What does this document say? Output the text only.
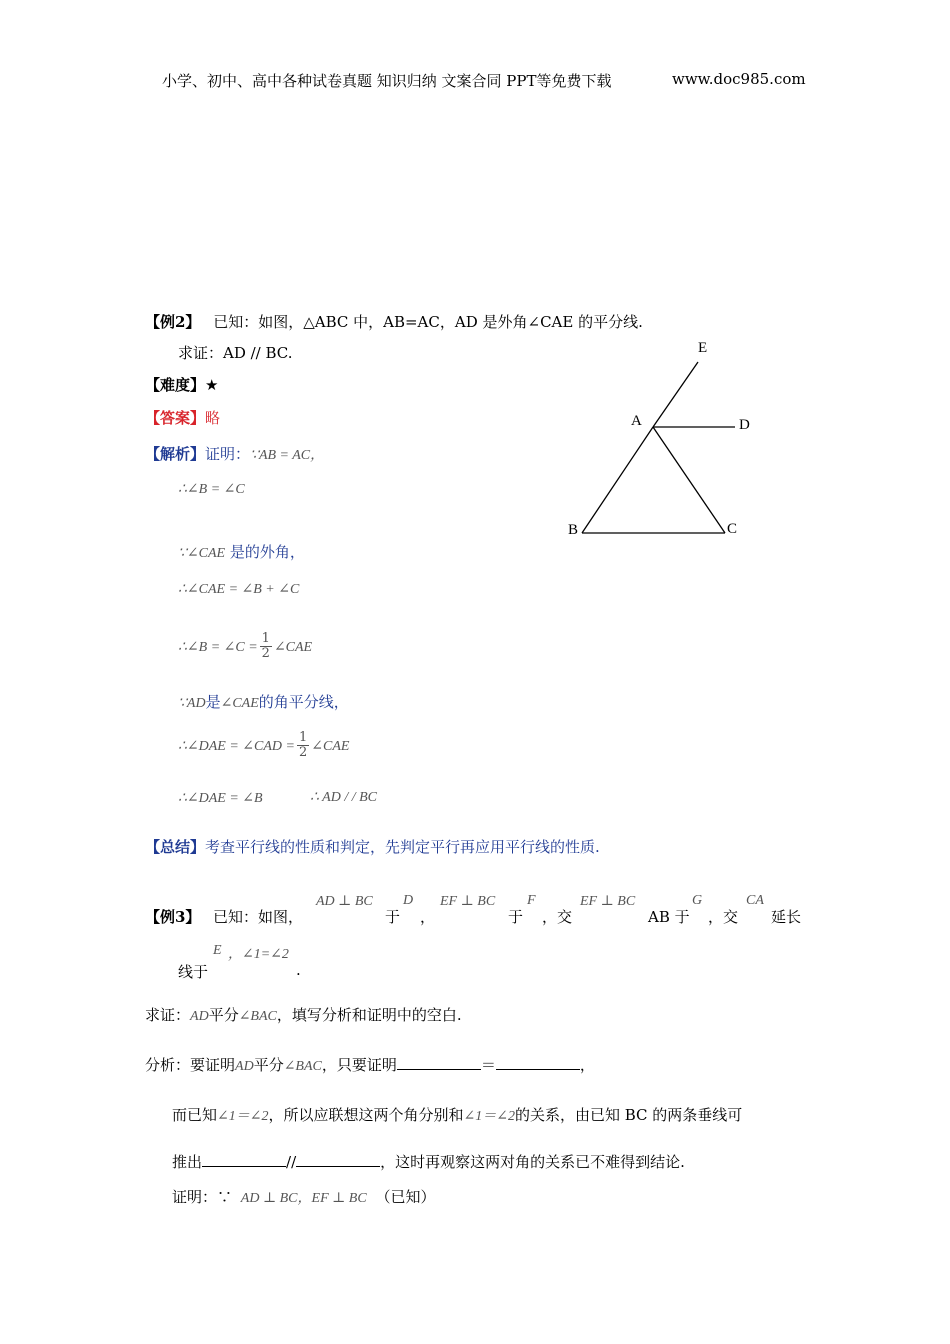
小学、初中、高中各种试卷真题 知识归纳 文案合同 PPT等免费下载	www.doc985.com
【例2】 已知：如图，△ABC 中，AB=AC，AD 是外角∠CAE 的平分线.
求证：AD // BC.
【难度】★
【答案】略
【解析】证明：∵AB = AC，
∴∠B = ∠C
∵∠CAE 是的外角，
∴∠CAE = ∠B + ∠C
∴∠B = ∠C = $\frac{1}{2}$ ∠CAE
∵AD是∠CAE的角平分线，
∴∠DAE = ∠CAD = $\frac{1}{2}$ ∠CAE
∴∠DAE = ∠B	∴ AD / / BC
【总结】考查平行线的性质和判定，先判定平行再应用平行线的性质.
E
A	D
B	C
【例3】 已知：如图，
AD ⊥ BC
于
D
，
EF ⊥ BC
于
F
，交
EF ⊥ BC
AB 于
G
，交
CA
延长
E ，∠1=∠2
线于	.
求证：AD平分∠BAC，填写分析和证明中的空白.
分析：要证明AD平分∠BAC，只要证明	＝	，
而已知∠1＝∠2，所以应联想这两个角分别和∠1＝∠2的关系，由已知 BC 的两条垂线可
推出	//	，这时再观察这两对角的关系已不难得到结论.
证明：∵ AD ⊥ BC，EF ⊥ BC （已知）
